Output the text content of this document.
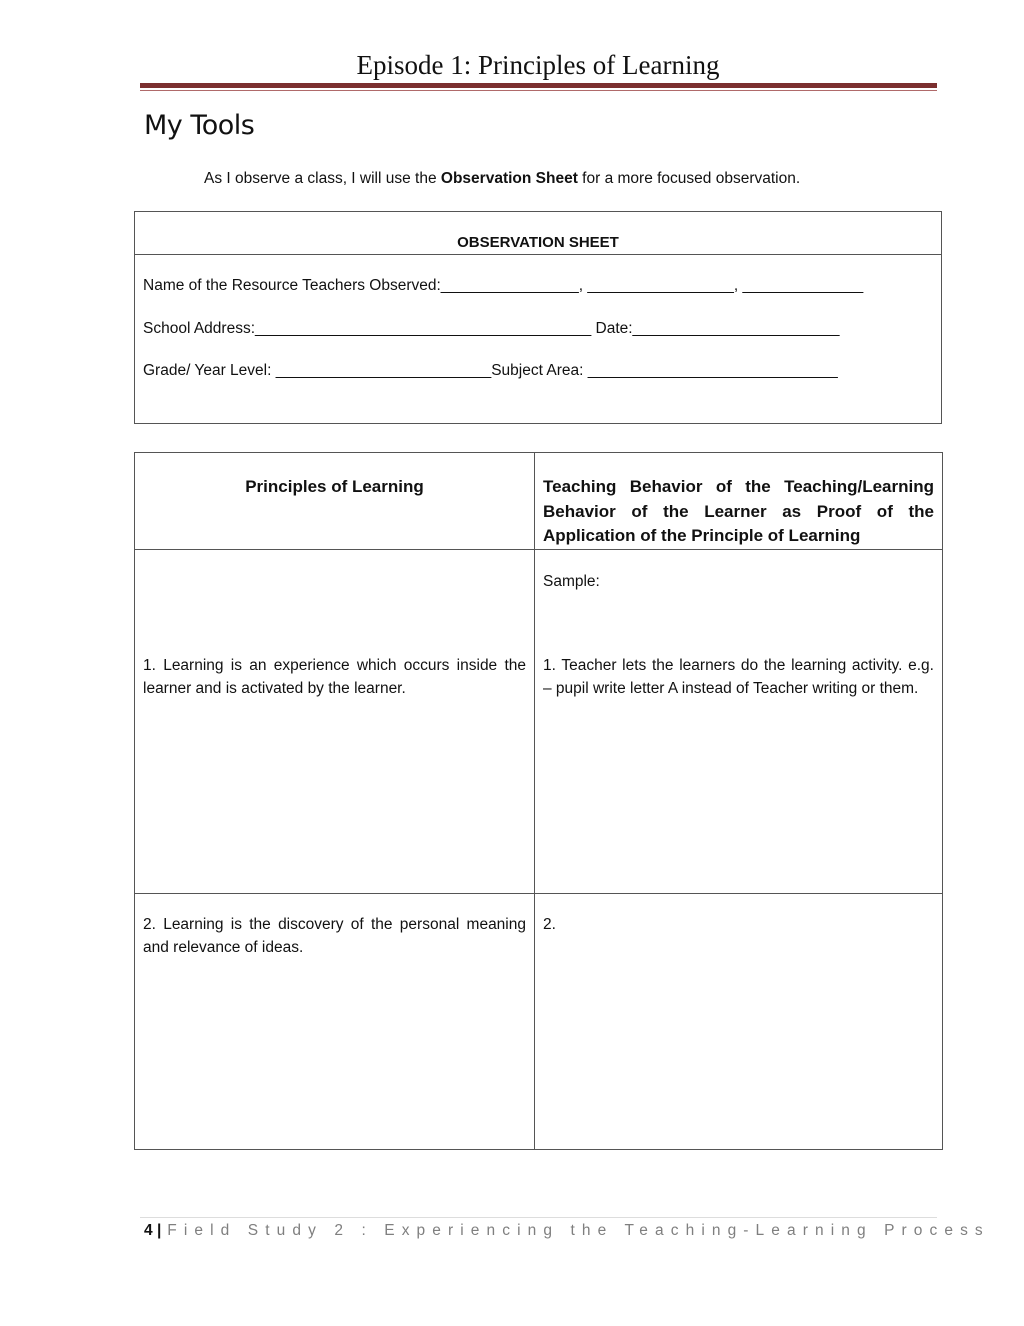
Episode 1: Principles of Learning
My Tools
As I observe a class, I will use the Observation Sheet for a more focused observation.
OBSERVATION SHEET
Name of the Resource Teachers Observed:________________, _________________, ______________
School Address:_______________________________________ Date:________________________
Grade/ Year Level: _________________________Subject Area: _____________________________
Principles of Learning	Teaching Behavior of the Teaching/Learning Behavior of the Learner as Proof of the Application of the Principle of Learning
1. Learning is an experience which occurs inside the learner and is activated by the learner.	Sample:
1. Teacher lets the learners do the learning activity. e.g. – pupil write letter A instead of Teacher writing or them.

2. Learning is the discovery of the personal meaning and relevance of ideas.	2.
4 | Field Study 2 : Experiencing the Teaching-Learning Process
